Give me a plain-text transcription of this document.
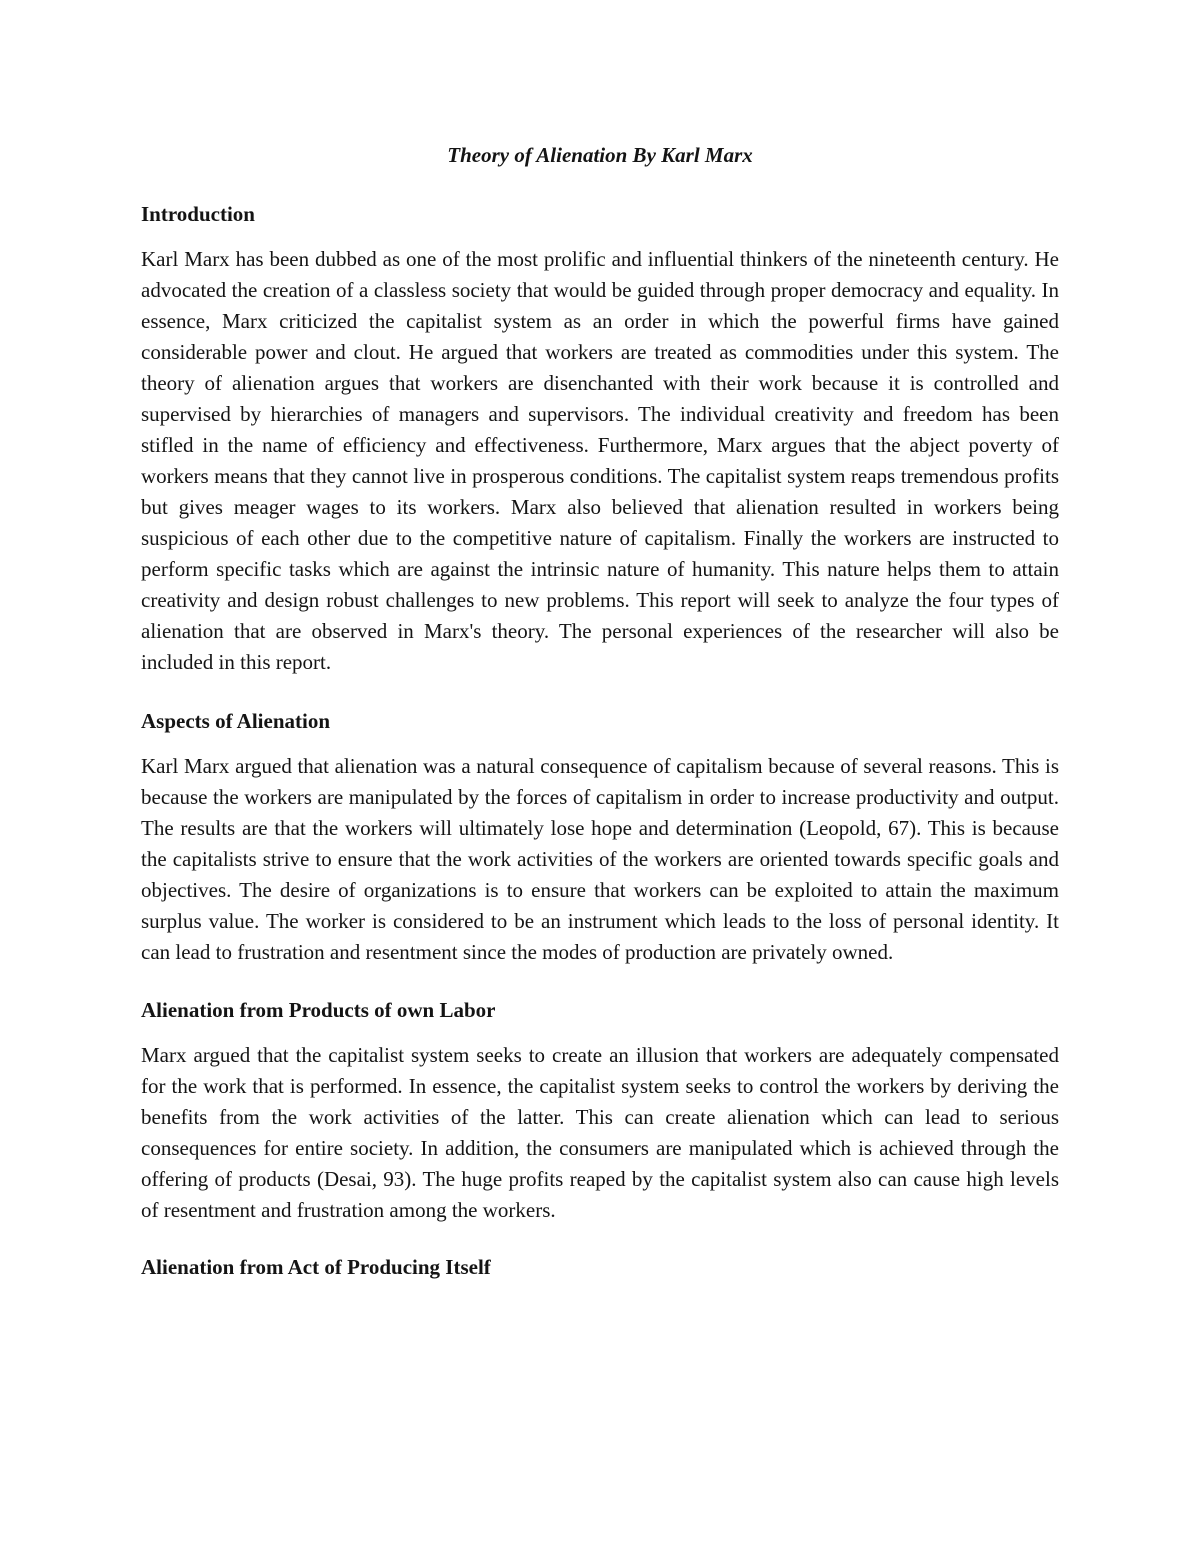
Theory of Alienation By Karl Marx
Introduction

Karl Marx has been dubbed as one of the most prolific and influential thinkers of the nineteenth century. He advocated the creation of a classless society that would be guided through proper democracy and equality. In essence, Marx criticized the capitalist system as an order in which the powerful firms have gained considerable power and clout. He argued that workers are treated as commodities under this system. The theory of alienation argues that workers are disenchanted with their work because it is controlled and supervised by hierarchies of managers and supervisors. The individual creativity and freedom has been stifled in the name of efficiency and effectiveness. Furthermore, Marx argues that the abject poverty of workers means that they cannot live in prosperous conditions. The capitalist system reaps tremendous profits but gives meager wages to its workers. Marx also believed that alienation resulted in workers being suspicious of each other due to the competitive nature of capitalism. Finally the workers are instructed to perform specific tasks which are against the intrinsic nature of humanity. This nature helps them to attain creativity and design robust challenges to new problems. This report will seek to analyze the four types of alienation that are observed in Marx's theory. The personal experiences of the researcher will also be included in this report.

Aspects of Alienation

Karl Marx argued that alienation was a natural consequence of capitalism because of several reasons. This is because the workers are manipulated by the forces of capitalism in order to increase productivity and output. The results are that the workers will ultimately lose hope and determination (Leopold, 67). This is because the capitalists strive to ensure that the work activities of the workers are oriented towards specific goals and objectives. The desire of organizations is to ensure that workers can be exploited to attain the maximum surplus value. The worker is considered to be an instrument which leads to the loss of personal identity. It can lead to frustration and resentment since the modes of production are privately owned.

Alienation from Products of own Labor

Marx argued that the capitalist system seeks to create an illusion that workers are adequately compensated for the work that is performed. In essence, the capitalist system seeks to control the workers by deriving the benefits from the work activities of the latter. This can create alienation which can lead to serious consequences for entire society. In addition, the consumers are manipulated which is achieved through the offering of products (Desai, 93). The huge profits reaped by the capitalist system also can cause high levels of resentment and frustration among the workers.

Alienation from Act of Producing Itself
